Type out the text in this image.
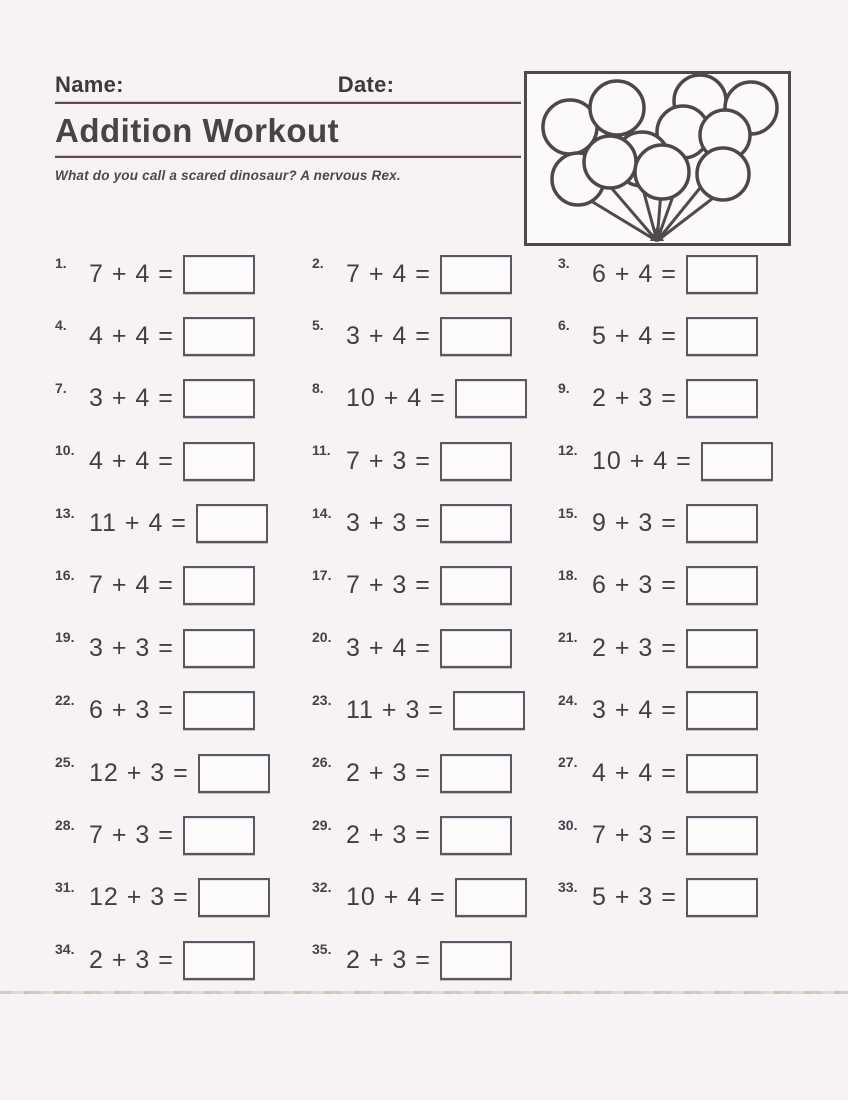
Name:	Date:
Addition Workout
What do you call a scared dinosaur? A nervous Rex.
1. 7 + 4 =	2. 7 + 4 =	3. 6 + 4 =
4. 4 + 4 =	5. 3 + 4 =	6. 5 + 4 =
7. 3 + 4 =	8. 10 + 4 =	9. 2 + 3 =
10. 4 + 4 =	11. 7 + 3 =	12. 10 + 4 =
13. 11 + 4 =	14. 3 + 3 =	15. 9 + 3 =
16. 7 + 4 =	17. 7 + 3 =	18. 6 + 3 =
19. 3 + 3 =	20. 3 + 4 =	21. 2 + 3 =
22. 6 + 3 =	23. 11 + 3 =	24. 3 + 4 =
25. 12 + 3 =	26. 2 + 3 =	27. 4 + 4 =
28. 7 + 3 =	29. 2 + 3 =	30. 7 + 3 =
31. 12 + 3 =	32. 10 + 4 =	33. 5 + 3 =
34. 2 + 3 =	35. 2 + 3 =
